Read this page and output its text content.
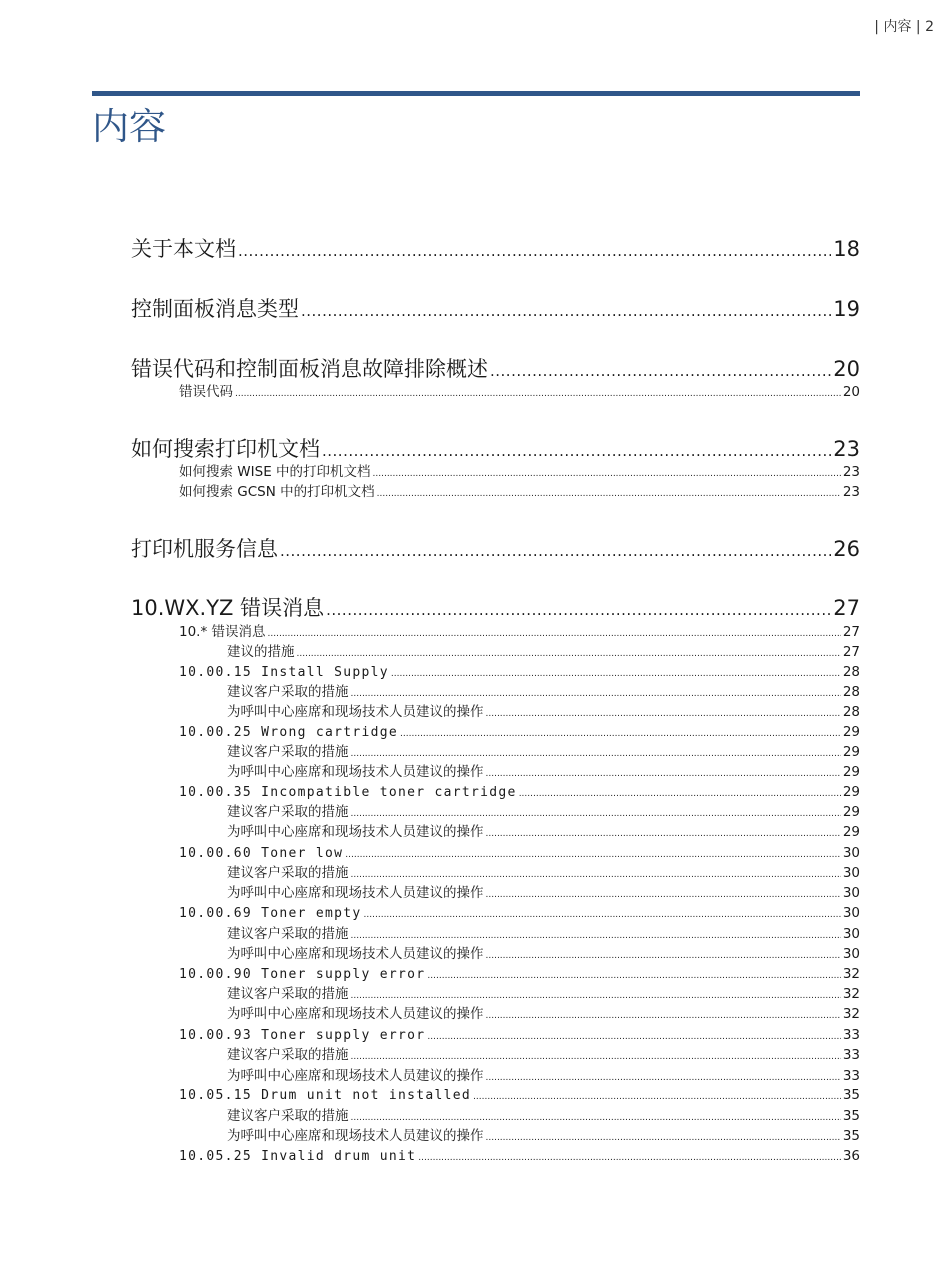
| 内容 | 2
内容
关于本文档 .....	18
控制面板消息类型 .....	19
错误代码和控制面板消息故障排除概述 .....	20
错误代码 .....	20
如何搜索打印机文档 .....	23
如何搜索 WISE 中的打印机文档 .....	23
如何搜索 GCSN 中的打印机文档 .....	23
打印机服务信息 .....	26
10.WX.YZ 错误消息 .....	27
10.* 错误消息 .....	27
建议的措施 .....	27
10.00.15 Install Supply .....	28
建议客户采取的措施 .....	28
为呼叫中心座席和现场技术人员建议的操作 .....	28
10.00.25 Wrong cartridge .....	29
建议客户采取的措施 .....	29
为呼叫中心座席和现场技术人员建议的操作 .....	29
10.00.35 Incompatible toner cartridge .....	29
建议客户采取的措施 .....	29
为呼叫中心座席和现场技术人员建议的操作 .....	29
10.00.60 Toner low .....	30
建议客户采取的措施 .....	30
为呼叫中心座席和现场技术人员建议的操作 .....	30
10.00.69 Toner empty .....	30
建议客户采取的措施 .....	30
为呼叫中心座席和现场技术人员建议的操作 .....	30
10.00.90 Toner supply error .....	32
建议客户采取的措施 .....	32
为呼叫中心座席和现场技术人员建议的操作 .....	32
10.00.93 Toner supply error .....	33
建议客户采取的措施 .....	33
为呼叫中心座席和现场技术人员建议的操作 .....	33
10.05.15 Drum unit not installed .....	35
建议客户采取的措施 .....	35
为呼叫中心座席和现场技术人员建议的操作 .....	35
10.05.25 Invalid drum unit .....	36
